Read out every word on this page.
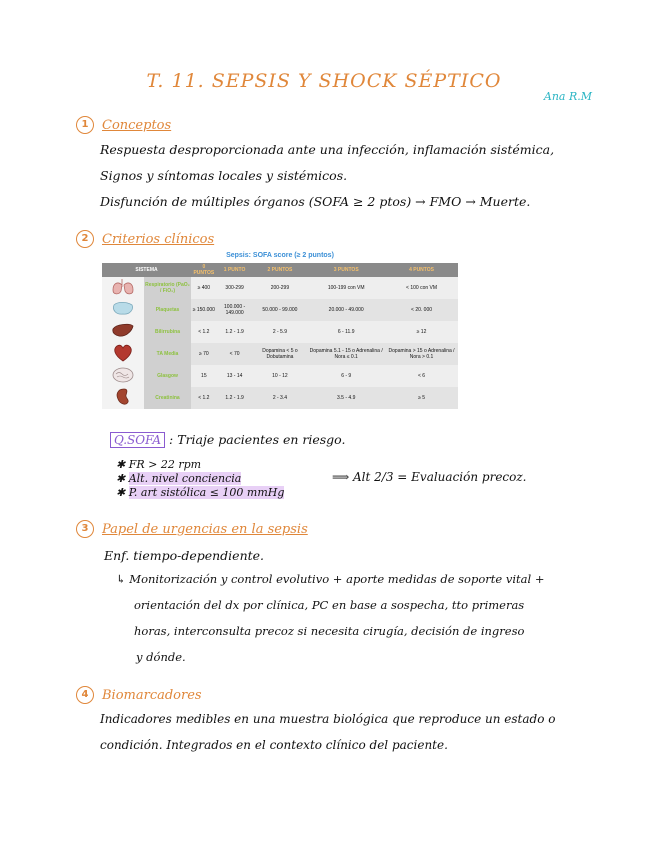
T. 11. SEPSIS Y SHOCK SÉPTICO
Ana R.M
1	Conceptos
Respuesta desproporcionada ante una infección, inflamación sistémica,
Signos y síntomas locales y sistémicos.
Disfunción de múltiples órganos (SOFA ≥ 2 ptos) → FMO → Muerte.
2	Criterios clínicos
Sepsis: SOFA score (≥ 2 puntos)
SISTEMA		0 PUNTOS	1 PUNTO	2 PUNTOS	3 PUNTOS	4 PUNTOS
	Respiratorio (PaO₂ / FiO₂)	≥ 400	300-299	200-299	100-199 con VM	< 100 con VM
	Plaquetas	≥ 150.000	100.000 - 149.000	50.000 - 99.000	20.000 - 49.000	< 20. 000
	Bilirrubina	< 1.2	1.2 - 1.9	2 - 5.9	6 - 11.9	≥ 12
	TA Media	≥ 70	< 70	Dopamina < 5 o Dobutamina	Dopamina 5.1 - 15 o Adrenalina / Nora ≤ 0.1	Dopamina > 15 o Adrenalina / Nora > 0.1
	Glasgow	15	13 - 14	10 - 12	6 - 9	< 6
	Creatinina	< 1.2	1.2 - 1.9	2 - 3.4	3.5 - 4.9	≥ 5
Q.SOFA : Triaje pacientes en riesgo.
✱ FR > 22 rpm
✱ Alt. nivel conciencia
✱ P. art sistólica ≤ 100 mmHg
⟹ Alt 2/3 = Evaluación precoz.
3	Papel de urgencias en la sepsis
Enf. tiempo-dependiente.
↳ Monitorización y control evolutivo + aporte medidas de soporte vital +
orientación del dx por clínica, PC en base a sospecha, tto primeras
horas, interconsulta precoz si necesita cirugía, decisión de ingreso
y dónde.
4	Biomarcadores
Indicadores medibles en una muestra biológica que reproduce un estado o
condición. Integrados en el contexto clínico del paciente.
